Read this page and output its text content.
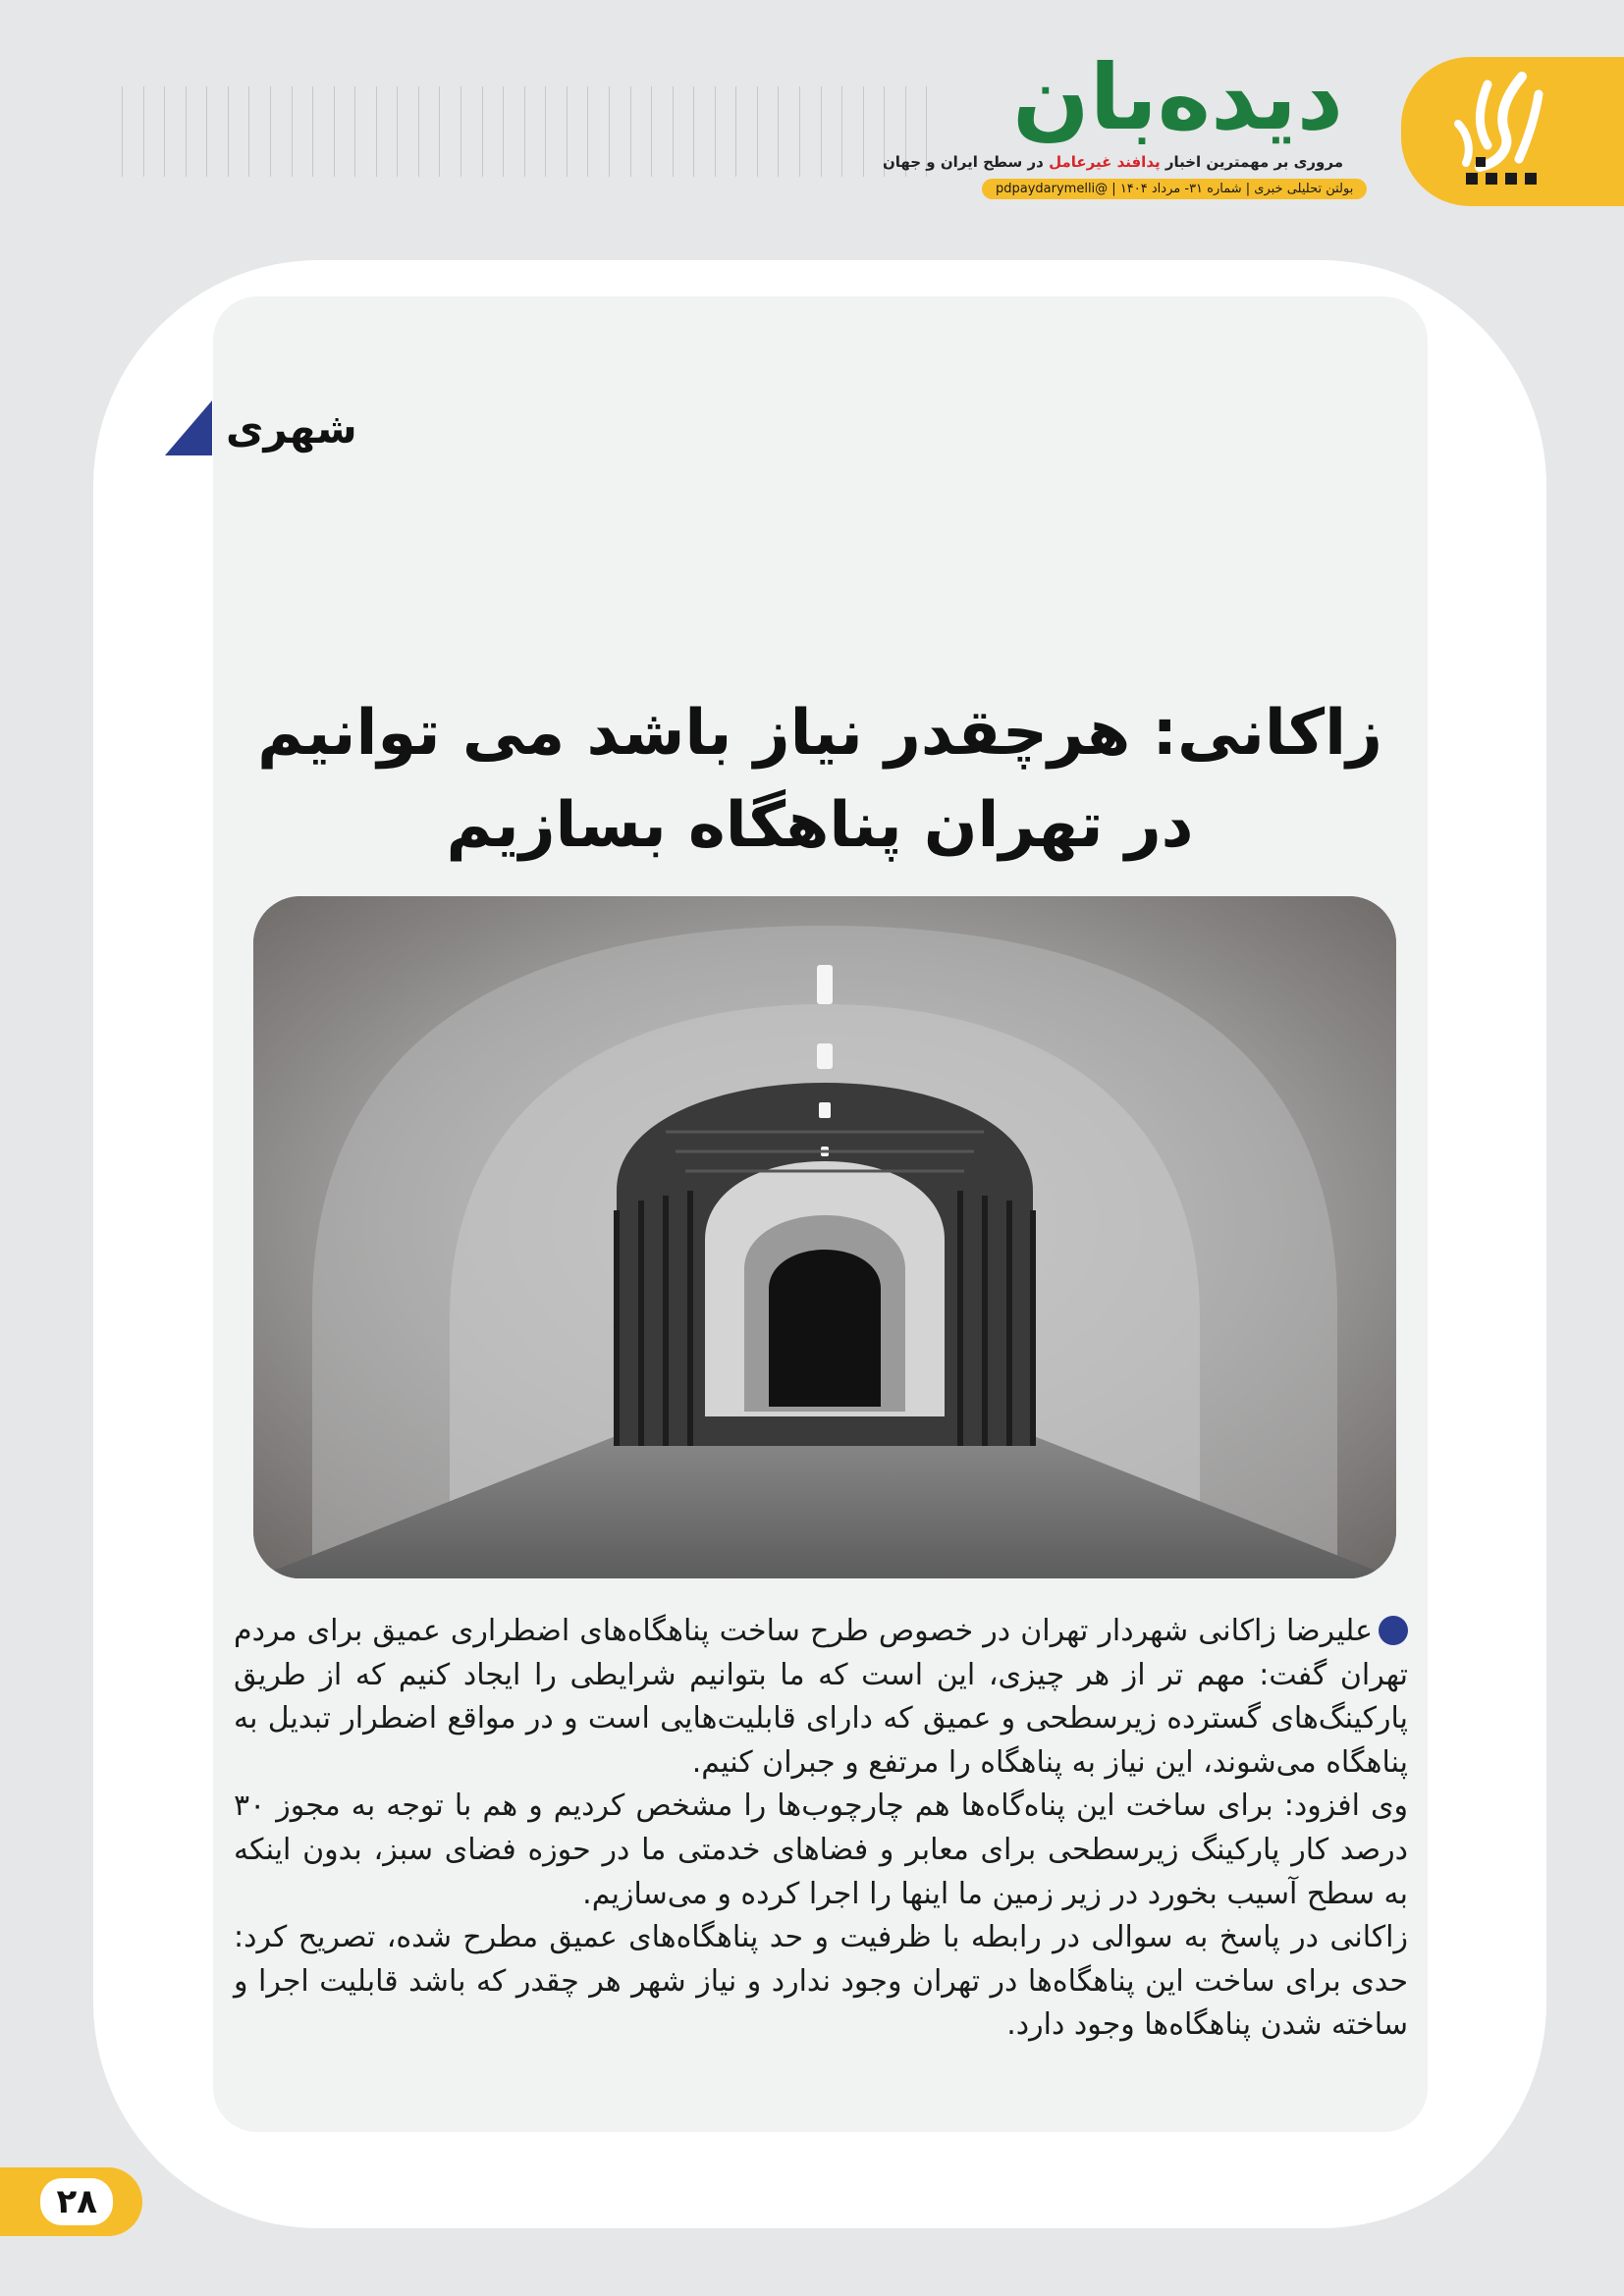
دیده‌بان
مروری بر مهمترین اخبار پدافند غیرعامل در سطح ایران و جهان
بولتن تحلیلی خبری | شماره ۳۱- مرداد ۱۴۰۴ | @pdpaydarymelli
شهری
زاکانی: هرچقدر نیاز باشد می توانیم
در تهران پناهگاه بسازیم

علیرضا زاکانی شهردار تهران در خصوص طرح ساخت پناهگاه‌های اضطراری عمیق برای مردم تهران گفت: مهم تر از هر چیزی، این است که ما بتوانیم شرایطی را ایجاد کنیم که از طریق پارکینگ‌های گسترده زیرسطحی و عمیق که دارای قابلیت‌هایی است و در مواقع اضطرار تبدیل به پناهگاه می‌شوند، این نیاز به پناهگاه را مرتفع و جبران کنیم.

وی افزود: برای ساخت این پناه‌گاه‌ها هم چارچوب‌ها را مشخص کردیم و هم با توجه به مجوز ۳۰ درصد کار پارکینگ زیرسطحی برای معابر و فضاهای خدمتی ما در حوزه فضای سبز، بدون اینکه به سطح آسیب بخورد در زیر زمین ما اینها را اجرا کرده و می‌سازیم.

زاکانی در پاسخ به سوالی در رابطه با ظرفیت و حد پناهگاه‌های عمیق مطرح شده، تصریح کرد: حدی برای ساخت این پناهگاه‌ها در تهران وجود ندارد و نیاز شهر هر چقدر که باشد قابلیت اجرا و ساخته شدن پناهگاه‌ها وجود دارد.

۲۸
